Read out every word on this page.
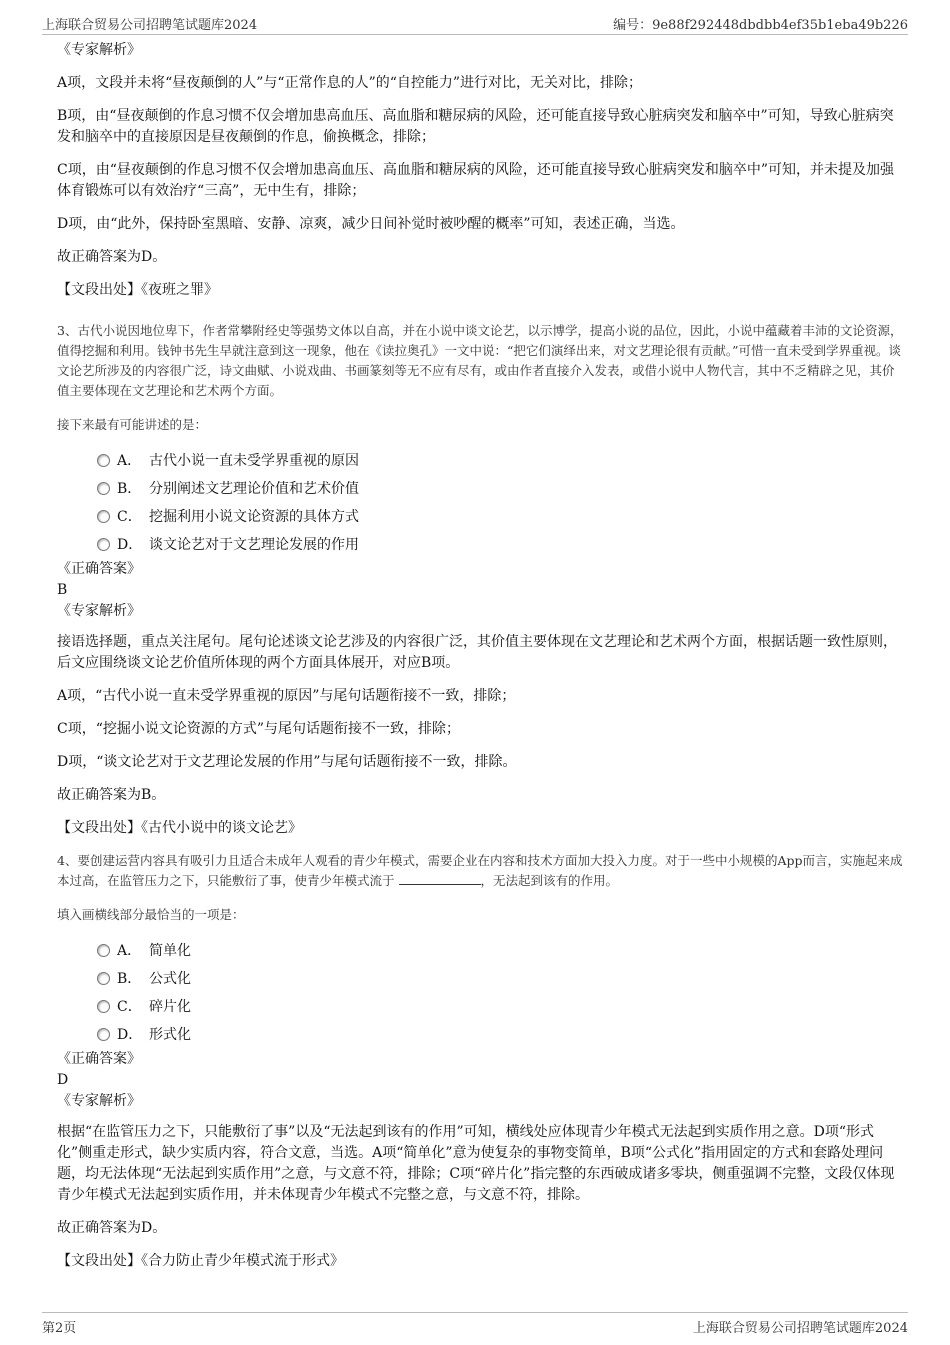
上海联合贸易公司招聘笔试题库2024	编号：9e88f292448dbdbb4ef35b1eba49b226
《专家解析》
A项，文段并未将“昼夜颠倒的人”与“正常作息的人”的“自控能力”进行对比，无关对比，排除；
B项，由“昼夜颠倒的作息习惯不仅会增加患高血压、高血脂和糖尿病的风险，还可能直接导致心脏病突发和脑卒中”可知，导致心脏病突发和脑卒中的直接原因是昼夜颠倒的作息，偷换概念，排除；
C项，由“昼夜颠倒的作息习惯不仅会增加患高血压、高血脂和糖尿病的风险，还可能直接导致心脏病突发和脑卒中”可知，并未提及加强体育锻炼可以有效治疗“三高”，无中生有，排除；
D项，由“此外，保持卧室黑暗、安静、凉爽，减少日间补觉时被吵醒的概率”可知，表述正确，当选。
故正确答案为D。
【文段出处】《夜班之罪》
3、古代小说因地位卑下，作者常攀附经史等强势文体以自高，并在小说中谈文论艺，以示博学，提高小说的品位，因此，小说中蕴藏着丰沛的文论资源，值得挖掘和利用。钱钟书先生早就注意到这一现象，他在《读拉奥孔》一文中说：“把它们演绎出来，对文艺理论很有贡献。”可惜一直未受到学界重视。谈文论艺所涉及的内容很广泛，诗文曲赋、小说戏曲、书画篆刻等无不应有尽有，或由作者直接介入发表，或借小说中人物代言，其中不乏精辟之见，其价值主要体现在文艺理论和艺术两个方面。
接下来最有可能讲述的是：
A． 古代小说一直未受学界重视的原因
B． 分别阐述文艺理论价值和艺术价值
C． 挖掘利用小说文论资源的具体方式
D． 谈文论艺对于文艺理论发展的作用
《正确答案》
B
《专家解析》
接语选择题，重点关注尾句。尾句论述谈文论艺涉及的内容很广泛，其价值主要体现在文艺理论和艺术两个方面，根据话题一致性原则，后文应围绕谈文论艺价值所体现的两个方面具体展开，对应B项。
A项，“古代小说一直未受学界重视的原因”与尾句话题衔接不一致，排除；
C项，“挖掘小说文论资源的方式”与尾句话题衔接不一致，排除；
D项，“谈文论艺对于文艺理论发展的作用”与尾句话题衔接不一致，排除。
故正确答案为B。
【文段出处】《古代小说中的谈文论艺》
4、要创建运营内容具有吸引力且适合未成年人观看的青少年模式，需要企业在内容和技术方面加大投入力度。对于一些中小规模的App而言，实施起来成本过高，在监管压力之下，只能敷衍了事，使青少年模式流于	，无法起到该有的作用。
填入画横线部分最恰当的一项是：
A． 简单化
B． 公式化
C． 碎片化
D． 形式化
《正确答案》
D
《专家解析》
根据“在监管压力之下，只能敷衍了事”以及“无法起到该有的作用”可知，横线处应体现青少年模式无法起到实质作用之意。D项“形式化”侧重走形式，缺少实质内容，符合文意，当选。A项“简单化”意为使复杂的事物变简单，B项“公式化”指用固定的方式和套路处理问题，均无法体现“无法起到实质作用”之意，与文意不符，排除；C项“碎片化”指完整的东西破成诸多零块，侧重强调不完整，文段仅体现青少年模式无法起到实质作用，并未体现青少年模式不完整之意，与文意不符，排除。
故正确答案为D。
【文段出处】《合力防止青少年模式流于形式》
第2页	上海联合贸易公司招聘笔试题库2024
